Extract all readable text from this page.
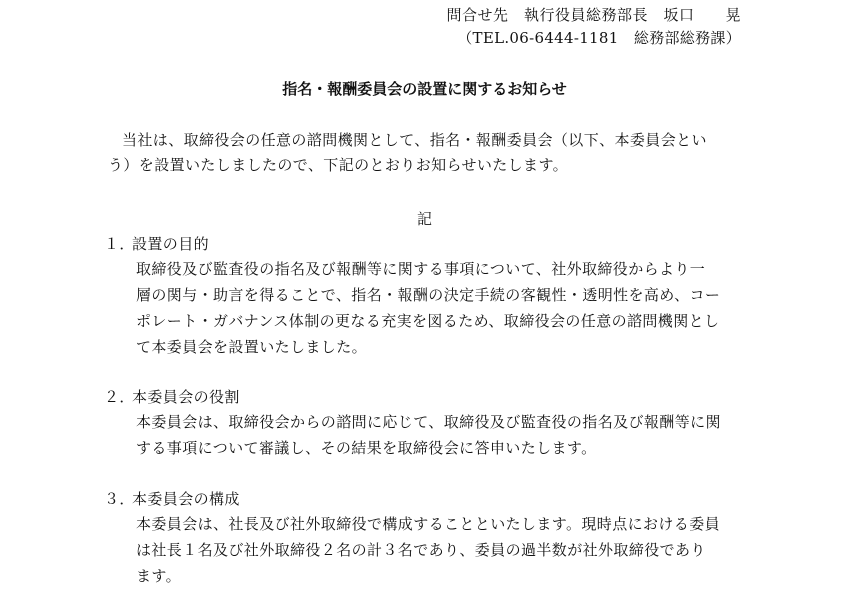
問合せ先　執行役員総務部長　坂口　　晃
（TEL.06-6444-1181　総務部総務課）
指名・報酬委員会の設置に関するお知らせ
当社は、取締役会の任意の諮問機関として、指名・報酬委員会（以下、本委員会とい
う）を設置いたしましたので、下記のとおりお知らせいたします。
記
１．設置の目的
取締役及び監査役の指名及び報酬等に関する事項について、社外取締役からより一
層の関与・助言を得ることで、指名・報酬の決定手続の客観性・透明性を高め、コー
ポレート・ガバナンス体制の更なる充実を図るため、取締役会の任意の諮問機関とし
て本委員会を設置いたしました。
２．本委員会の役割
本委員会は、取締役会からの諮問に応じて、取締役及び監査役の指名及び報酬等に関
する事項について審議し、その結果を取締役会に答申いたします。
３．本委員会の構成
本委員会は、社長及び社外取締役で構成することといたします。現時点における委員
は社長１名及び社外取締役２名の計３名であり、委員の過半数が社外取締役であり
ます。
